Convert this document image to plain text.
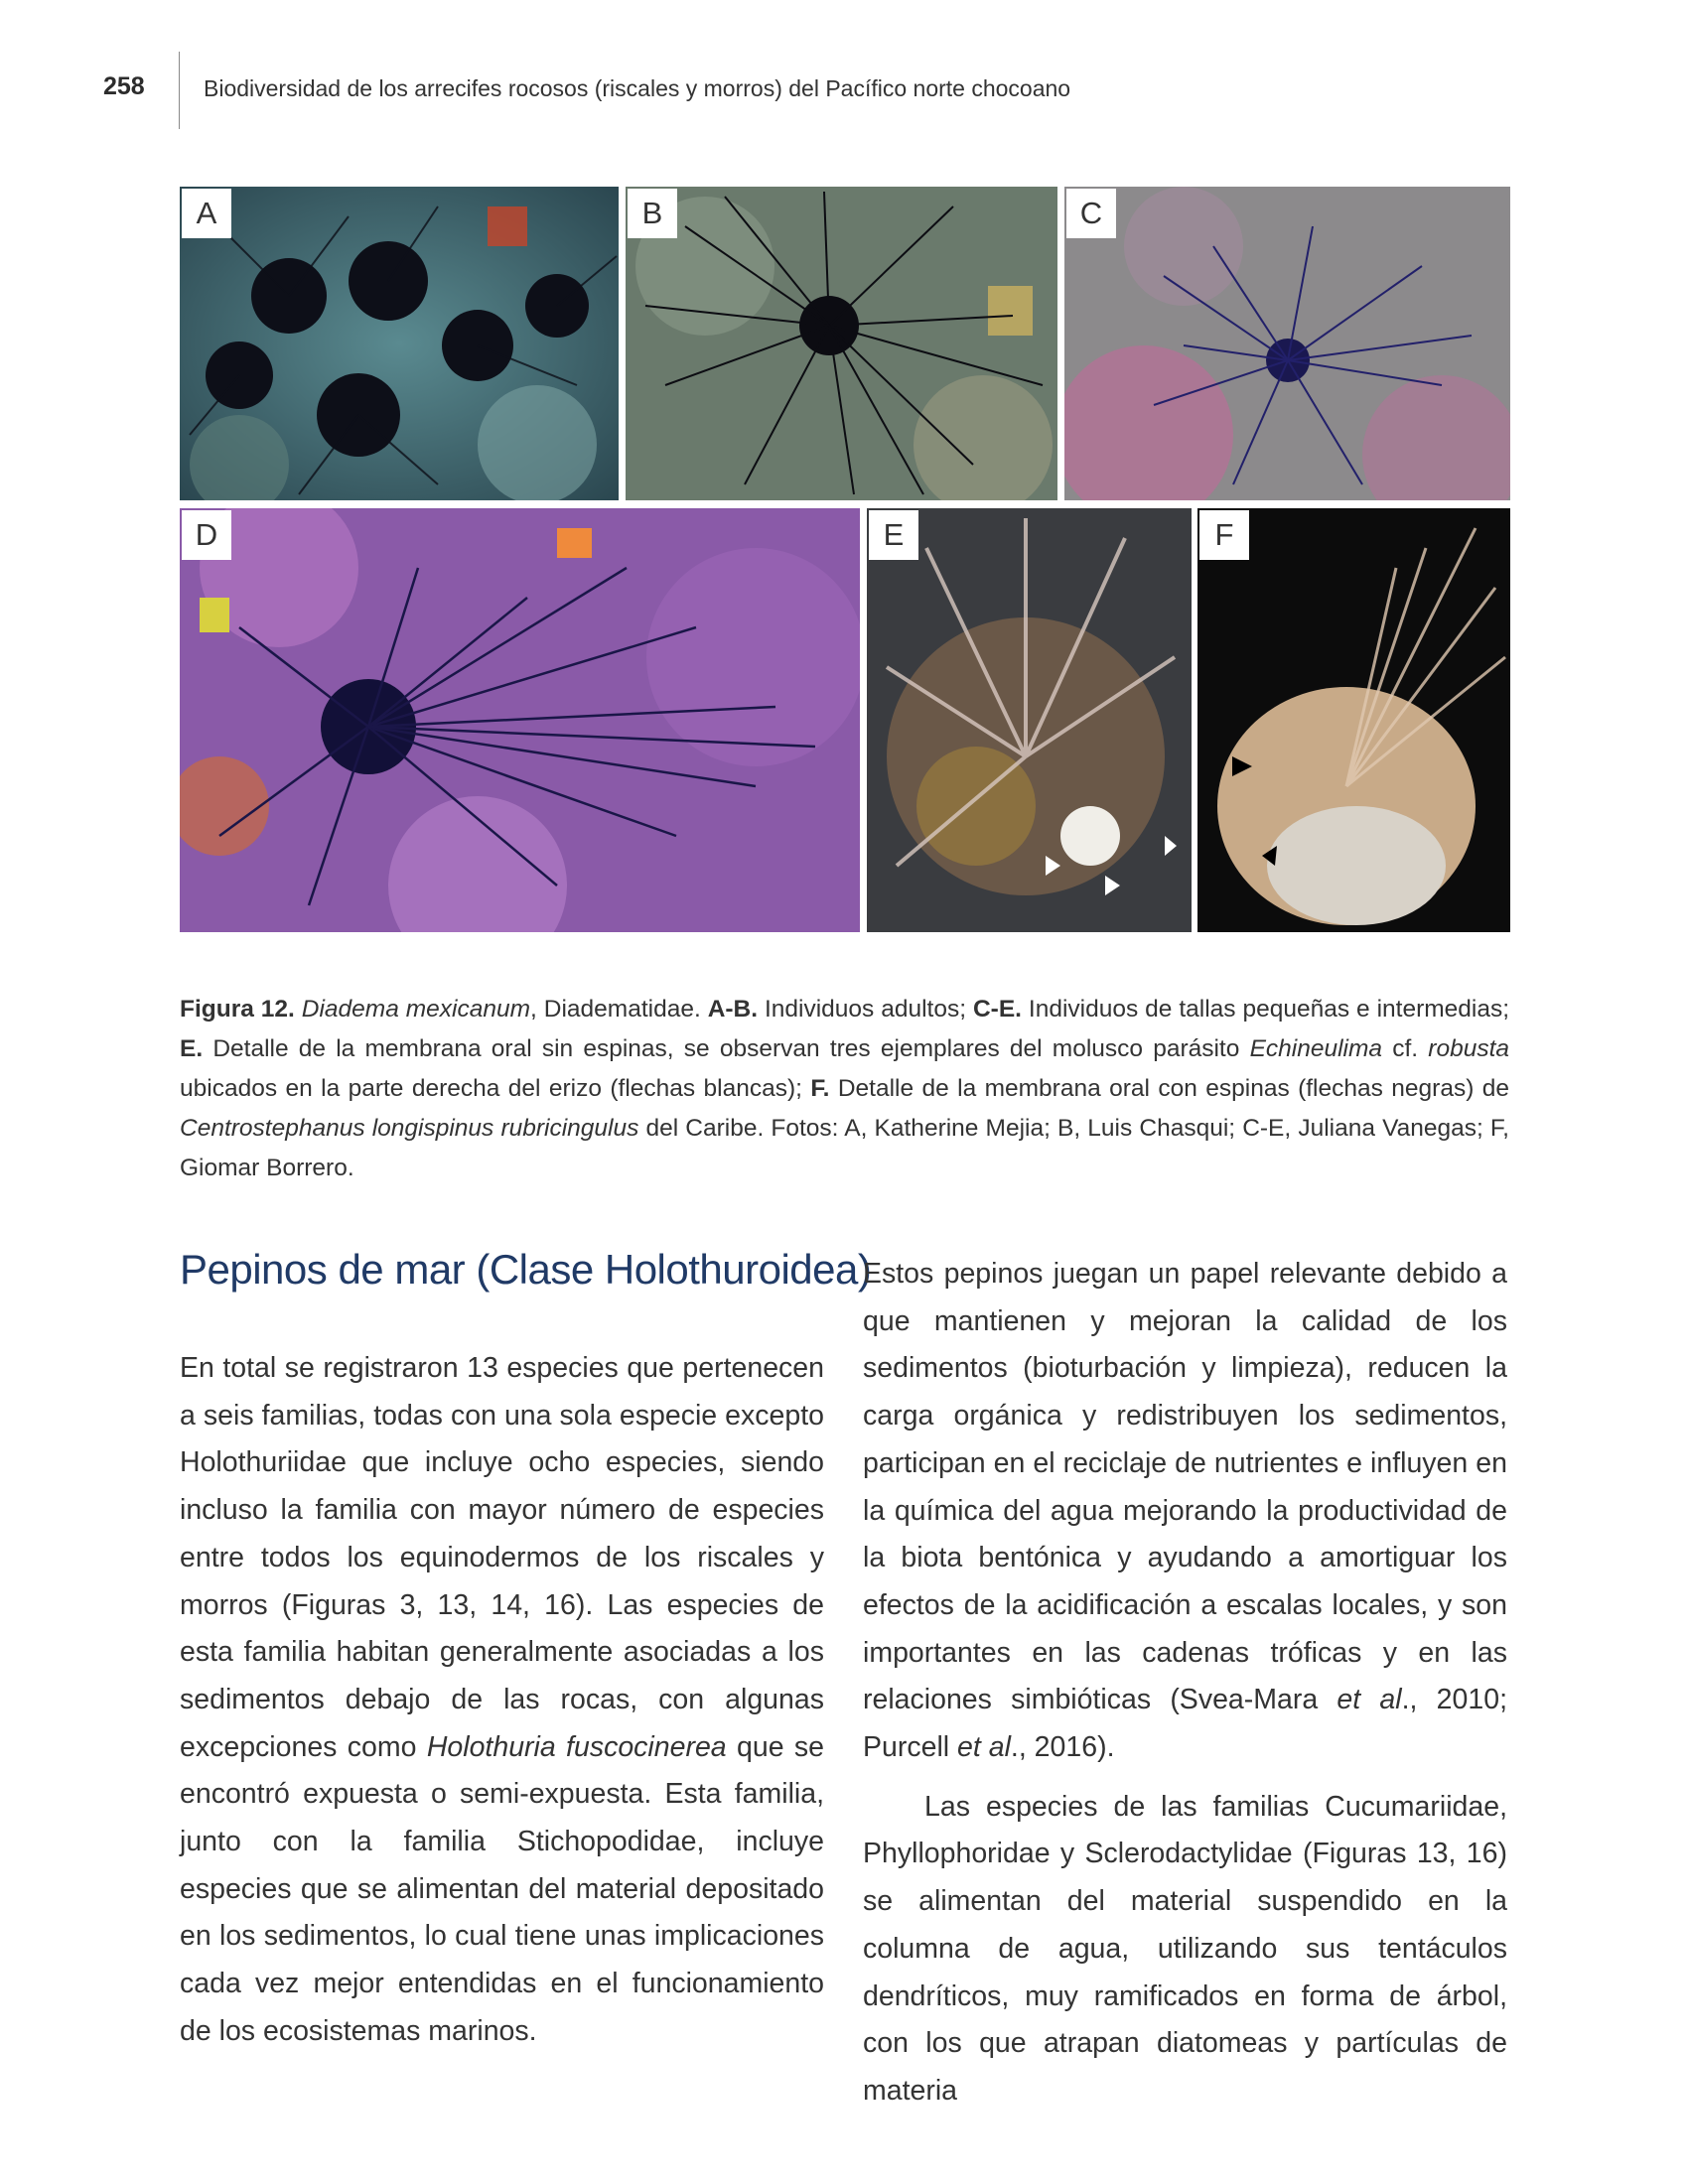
258	Biodiversidad de los arrecifes rocosos (riscales y morros) del Pacífico norte chocoano
A	B	C
D	E	F
Figura 12. Diadema mexicanum, Diadematidae. A-B. Individuos adultos; C-E. Individuos de tallas pequeñas e intermedias; E. Detalle de la membrana oral sin espinas, se observan tres ejemplares del molusco parásito Echineulima cf. robusta ubicados en la parte derecha del erizo (flechas blancas); F. Detalle de la membrana oral con espinas (flechas negras) de Centrostephanus longispinus rubricingulus del Caribe. Fotos: A, Katherine Mejia; B, Luis Chasqui; C-E, Juliana Vanegas; F, Giomar Borrero.
Pepinos de mar (Clase Holothuroidea)

En total se registraron 13 especies que pertenecen a seis familias, todas con una sola especie excepto Holothuriidae que incluye ocho especies, siendo incluso la familia con mayor número de especies entre todos los equinodermos de los riscales y morros (Figuras 3, 13, 14, 16). Las especies de esta familia habitan generalmente asociadas a los sedimentos debajo de las rocas, con algunas excepciones como Holothuria fuscocinerea que se encontró expuesta o semi-expuesta. Esta familia, junto con la familia Stichopodidae, incluye especies que se alimentan del material depositado en los sedimentos, lo cual tiene unas implicaciones cada vez mejor entendidas en el funcionamiento de los ecosistemas marinos.

Estos pepinos juegan un papel relevante debido a que mantienen y mejoran la calidad de los sedimentos (bioturbación y limpieza), reducen la carga orgánica y redistribuyen los sedimentos, participan en el reciclaje de nutrientes e influyen en la química del agua mejorando la productividad de la biota bentónica y ayudando a amortiguar los efectos de la acidificación a escalas locales, y son importantes en las cadenas tróficas y en las relaciones simbióticas (Svea-Mara et al., 2010; Purcell et al., 2016).

Las especies de las familias Cucumariidae, Phyllophoridae y Sclerodactylidae (Figuras 13, 16) se alimentan del material suspendido en la columna de agua, utilizando sus tentáculos dendríticos, muy ramificados en forma de árbol, con los que atrapan diatomeas y partículas de materia
